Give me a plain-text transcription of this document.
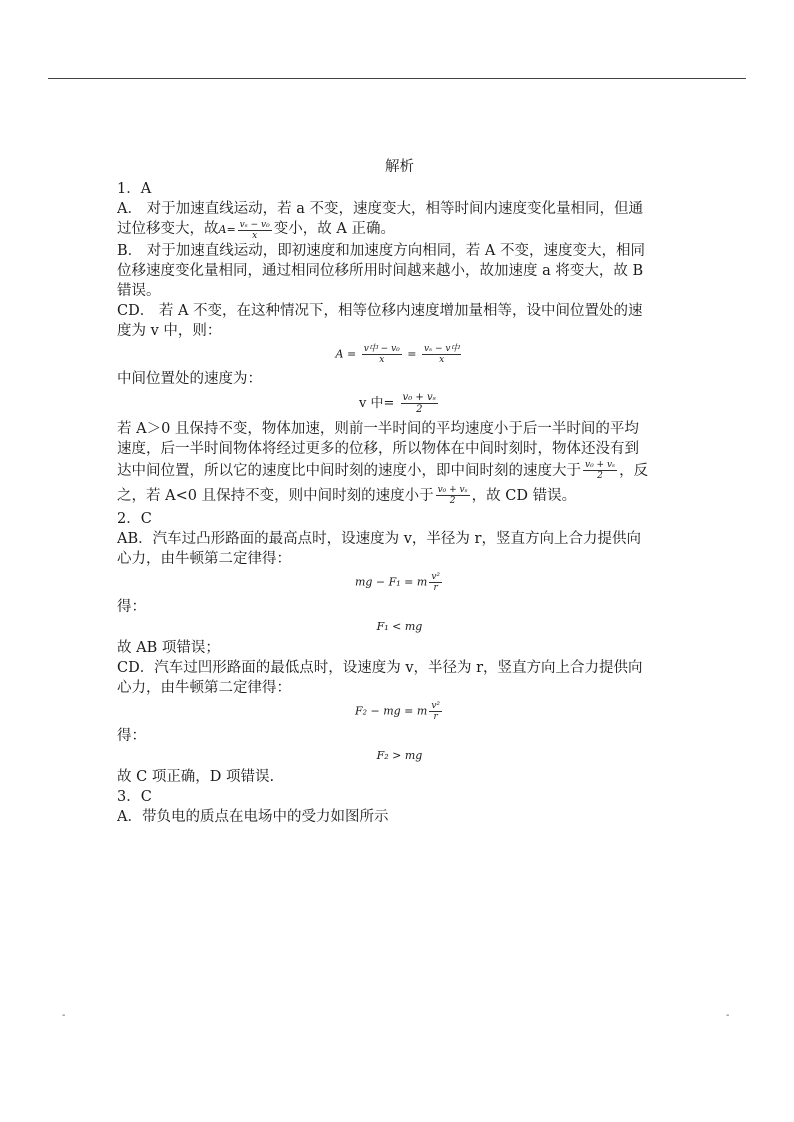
解析
1．A
A． 对于加速直线运动，若 a 不变，速度变大，相等时间内速度变化量相同，但通
过位移变大，故$A= \frac{\text{vₛ − v₀}}{x}$ 变小，故 A 正确。
B． 对于加速直线运动，即初速度和加速度方向相同，若 A 不变，速度变大，相同
位移速度变化量相同，通过相同位移所用时间越来越小，故加速度 a 将变大，故 B
错误。
CD． 若 A 不变，在这种情况下，相等位移内速度增加量相等，设中间位置处的速
度为 v 中，则：
$A = \frac{\text{v中 − v₀}}{x} = \frac{\text{vₛ − v中}}{x}$
中间位置处的速度为：
v 中= $\frac{\text{v₀ + vₛ}}{2}$
若 A＞0 且保持不变，物体加速，则前一半时间的平均速度小于后一半时间的平均
速度，后一半时间物体将经过更多的位移，所以物体在中间时刻时，物体还没有到
达中间位置，所以它的速度比中间时刻的速度小，即中间时刻的速度大于 $\frac{\text{v₀ + vₛ}}{2}$ ，反
之，若 A<0 且保持不变，则中间时刻的速度小于 $\frac{\text{v₀ + vₛ}}{2}$ ，故 CD 错误。
2．C
AB．汽车过凸形路面的最高点时，设速度为 v，半径为 r，竖直方向上合力提供向
心力，由牛顿第二定律得：
mg − F₁ = m $\frac{\text{v²}}{r}$
得：
F₁ < mg
故 AB 项错误；
CD．汽车过凹形路面的最低点时，设速度为 v，半径为 r，竖直方向上合力提供向
心力，由牛顿第二定律得：
F₂ − mg = m $\frac{\text{v²}}{r}$
得：
F₂ > mg
故 C 项正确，D 项错误.
3．C
A．带负电的质点在电场中的受力如图所示
-	-
